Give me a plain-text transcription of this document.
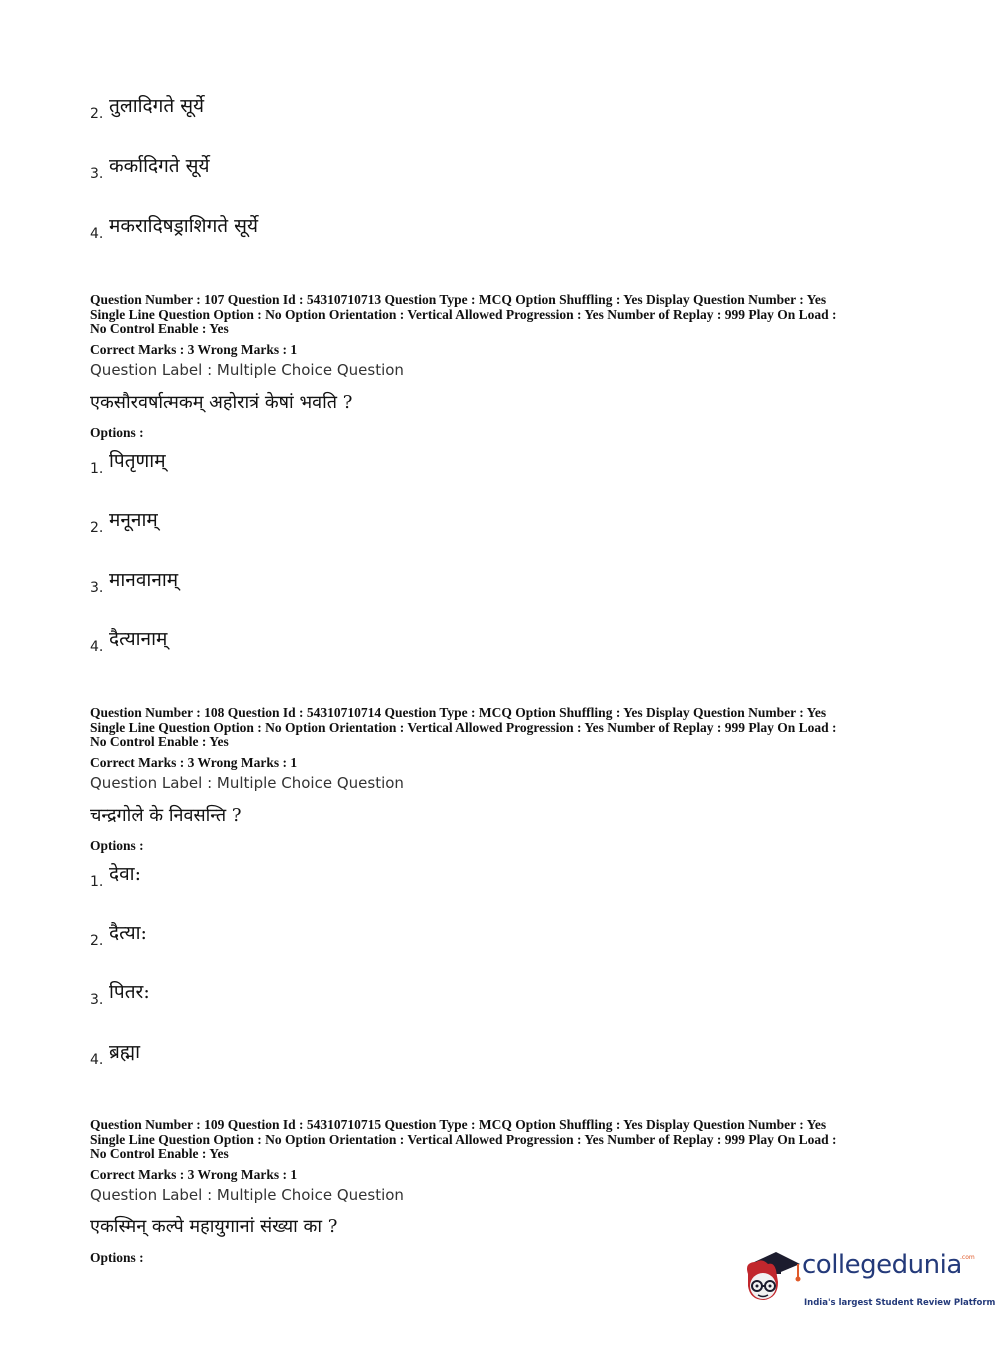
2. तुलादिगते सूर्ये
3. कर्कादिगते सूर्ये
4. मकरादिषड्राशिगते सूर्ये
Question Number : 107 Question Id : 54310710713 Question Type : MCQ Option Shuffling : Yes Display Question Number : Yes
Single Line Question Option : No Option Orientation : Vertical Allowed Progression : Yes Number of Replay : 999 Play On Load :
No Control Enable : Yes
Correct Marks : 3 Wrong Marks : 1
Question Label : Multiple Choice Question
एकसौरवर्षात्मकम् अहोरात्रं केषां भवति ?
Options :
1. पितृणाम्
2. मनूनाम्
3. मानवानाम्
4. दैत्यानाम्
Question Number : 108 Question Id : 54310710714 Question Type : MCQ Option Shuffling : Yes Display Question Number : Yes
Single Line Question Option : No Option Orientation : Vertical Allowed Progression : Yes Number of Replay : 999 Play On Load :
No Control Enable : Yes
Correct Marks : 3 Wrong Marks : 1
Question Label : Multiple Choice Question
चन्द्रगोले के निवसन्ति ?
Options :
1. देवा:
2. दैत्या:
3. पितर:
4. ब्रह्मा
Question Number : 109 Question Id : 54310710715 Question Type : MCQ Option Shuffling : Yes Display Question Number : Yes
Single Line Question Option : No Option Orientation : Vertical Allowed Progression : Yes Number of Replay : 999 Play On Load :
No Control Enable : Yes
Correct Marks : 3 Wrong Marks : 1
Question Label : Multiple Choice Question
एकस्मिन् कल्पे महायुगानां संख्या का ?
Options :	collegedunia
.com
India's largest Student Review Platform
